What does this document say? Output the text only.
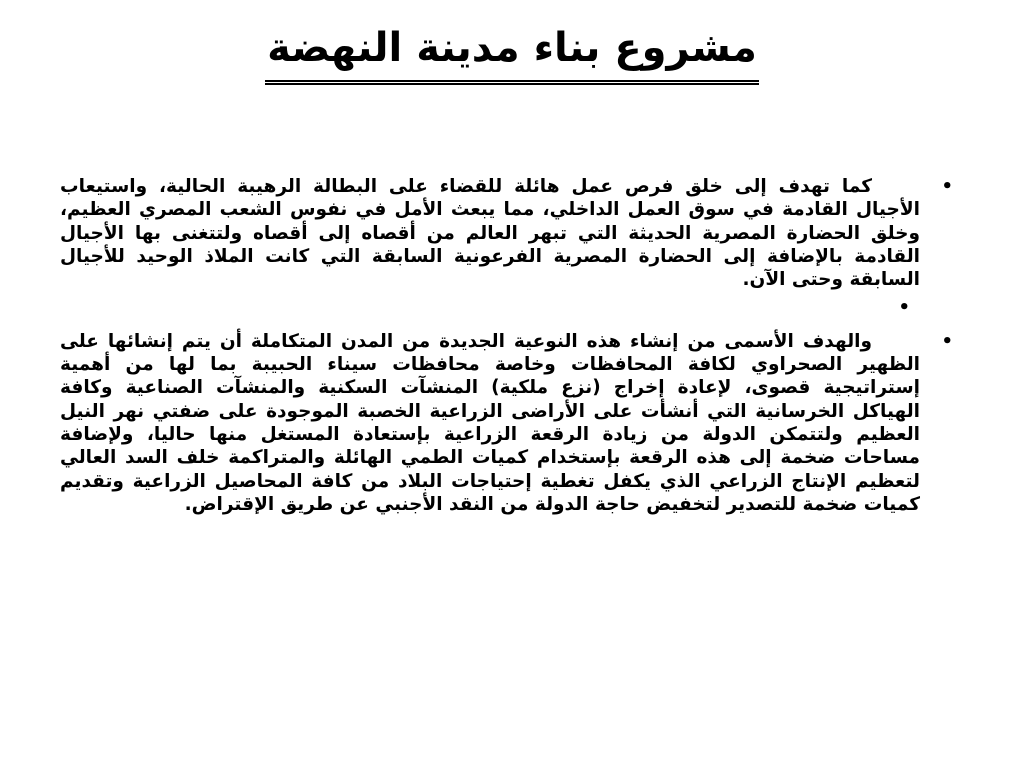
مشروع بناء مدينة النهضة

•
كما تهدف إلى خلق فرص عمل هائلة للقضاء على البطالة الرهيبة الحالية، واستيعاب الأجيال القادمة في سوق العمل الداخلي، مما يبعث الأمل في نفوس الشعب المصري العظيم، وخلق الحضارة المصرية الحديثة التي تبهر العالم من أقصاه إلى أقصاه ولتتغنى بها الأجيال القادمة بالإضافة إلى الحضارة المصرية الفرعونية السابقة التي كانت الملاذ الوحيد للأجيال السابقة وحتى الآن.

•

•
والهدف الأسمى من إنشاء هذه النوعية الجديدة من المدن المتكاملة أن يتم إنشائها على الظهير الصحراوي لكافة المحافظات وخاصة محافظات سيناء الحبيبة بما لها من أهمية إستراتيجية قصوى، لإعادة إخراج (نزع ملكية) المنشآت السكنية والمنشآت الصناعية وكافة الهياكل الخرسانية التي أنشأت على الأراضى الزراعية الخصبة الموجودة على ضفتي نهر النيل العظيم ولتتمكن الدولة من زيادة الرقعة الزراعية بإستعادة المستغل منها حاليا، ولإضافة مساحات ضخمة إلى هذه الرقعة بإستخدام كميات الطمي الهائلة والمتراكمة خلف السد العالي لتعظيم الإنتاج الزراعي الذي يكفل تغطية إحتياجات البلاد من كافة المحاصيل الزراعية وتقديم كميات ضخمة للتصدير لتخفيض حاجة الدولة من النقد الأجنبي عن طريق الإقتراض.
